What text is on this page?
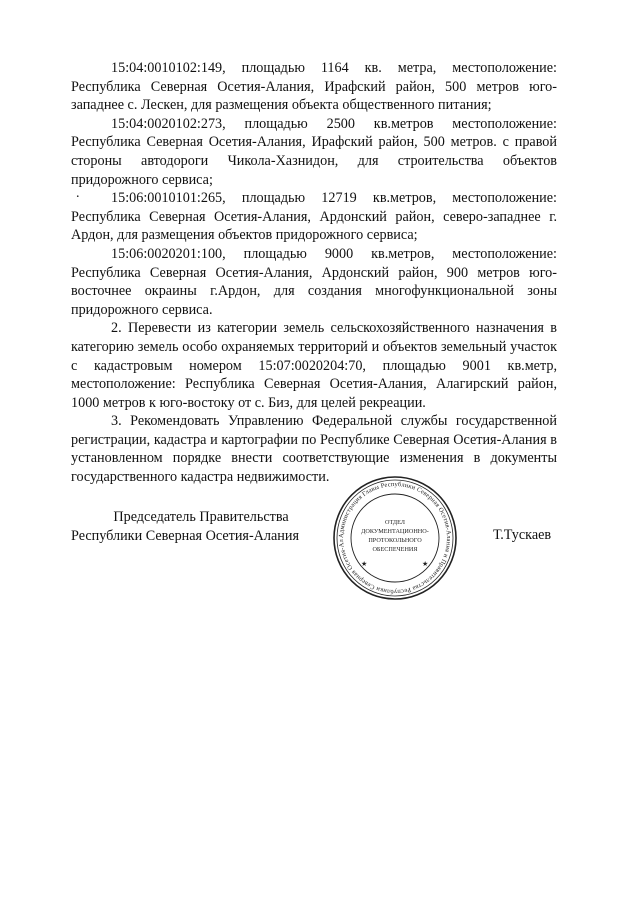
15:04:0010102:149, площадью 1164 кв. метра, местоположение: Республика Северная Осетия-Алания, Ирафский район, 500 метров юго-западнее с. Лескен, для размещения объекта общественного питания;

15:04:0020102:273, площадью 2500 кв.метров местоположение: Республика Северная Осетия-Алания, Ирафский район, 500 метров. с правой стороны автодороги Чикола-Хазнидон, для строительства объектов придорожного сервиса;

15:06:0010101:265, площадью 12719 кв.метров, местоположение: Республика Северная Осетия-Алания, Ардонский район, северо-западнее г. Ардон, для размещения объектов придорожного сервиса;

15:06:0020201:100, площадью 9000 кв.метров, местоположение: Республика Северная Осетия-Алания, Ардонский район, 900 метров юго-восточнее окраины г.Ардон, для создания многофункциональной зоны придорожного сервиса.

2. Перевести из категории земель сельскохозяйственного назначения в категорию земель особо охраняемых территорий и объектов земельный участок с кадастровым номером 15:07:0020204:70, площадью 9001 кв.метр, местоположение: Республика Северная Осетия-Алания, Алагирский район, 1000 метров к юго-востоку от с. Биз, для целей рекреации.

3. Рекомендовать Управлению Федеральной службы государственной регистрации, кадастра и картографии по Республике Северная Осетия-Алания в установленном порядке внести соответствующие изменения в документы государственного кадастра недвижимости.

.
Председатель Правительства
Республики Северная Осетия-Алания	Т.Тускаев
Администрация Главы Республики Северная Осетия-Алания и Правительства Республики Северная Осетия-Ал
ОТДЕЛ
ДОКУМЕНТАЦИОННО-
ПРОТОКОЛЬНОГО
ОБЕСПЕЧЕНИЯ
★	★
